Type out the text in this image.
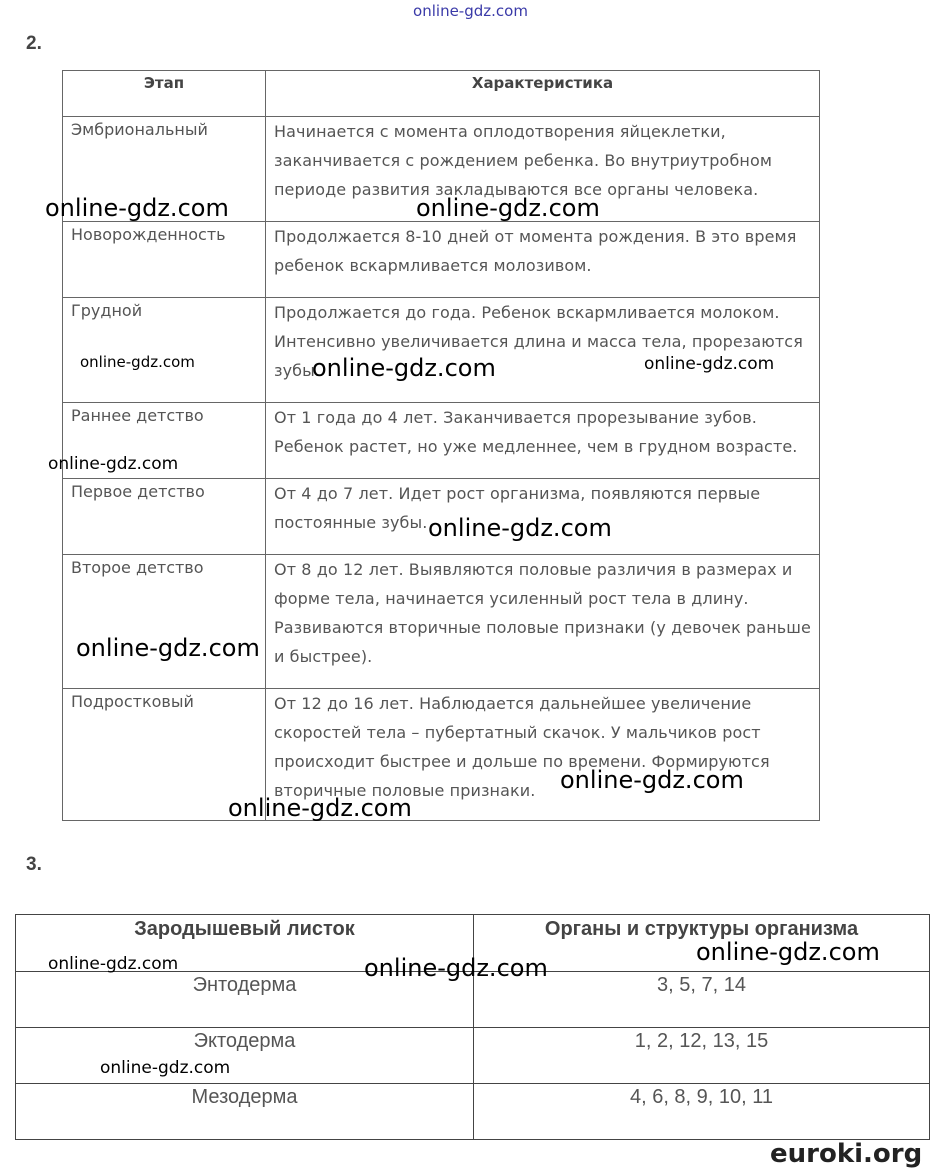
online-gdz.com
2.
Этап	Характеристика
Эмбриональный	Начинается с момента оплодотворения яйцеклетки, заканчивается с рождением ребенка. Во внутриутробном периоде развития закладываются все органы человека.
Новорожденность	Продолжается 8-10 дней от момента рождения. В это время ребенок вскармливается молозивом.
Грудной	Продолжается до года. Ребенок вскармливается молоком. Интенсивно увеличивается длина и масса тела, прорезаются зубы.
Раннее детство	От 1 года до 4 лет. Заканчивается прорезывание зубов. Ребенок растет, но уже медленнее, чем в грудном возрасте.
Первое детство	От 4 до 7 лет. Идет рост организма, появляются первые постоянные зубы.
Второе детство	От 8 до 12 лет. Выявляются половые различия в размерах и форме тела, начинается усиленный рост тела в длину. Развиваются вторичные половые признаки (у девочек раньше и быстрее).
Подростковый	От 12 до 16 лет. Наблюдается дальнейшее увеличение скоростей тела – пубертатный скачок. У мальчиков рост происходит быстрее и дольше по времени. Формируются вторичные половые признаки.
3.
Зародышевый листок	Органы и структуры организма
Энтодерма	3, 5, 7, 14
Эктодерма	1, 2, 12, 13, 15
Мезодерма	4, 6, 8, 9, 10, 11
online-gdz.com	online-gdz.com
online-gdz.com	online-gdz.com	online-gdz.com
online-gdz.com
online-gdz.com
online-gdz.com
online-gdz.com
online-gdz.com
online-gdz.com	online-gdz.com
online-gdz.com
online-gdz.com
euroki.org
